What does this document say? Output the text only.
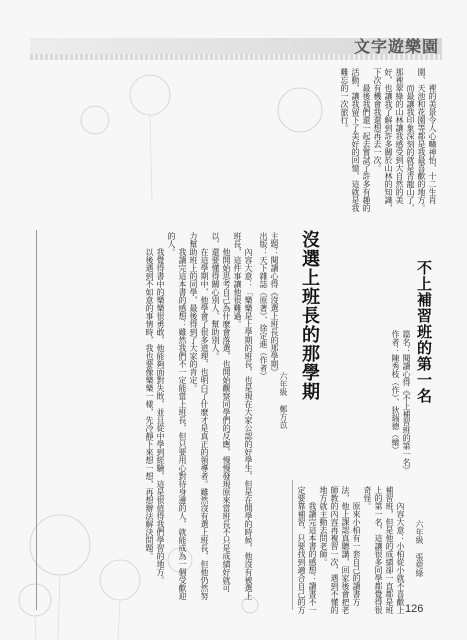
文字遊樂園

裡的美景令人心曠神怡，十二生肖園、天池和花園等都是我最喜歡的地方。

而最讓我印象深刻的就是青龍山了，那裡翠綠的山林讓我感受到大自然的美好，也讓我了解到許多關於山林的知識，下次有機會我還想再去一次。

最後我們還一起去嘗試了許多有趣的活動，讓我留下了美好的回憶，這就是我難忘的一次旅行。

沒選上班長的那學期
六年級 鄭方苡
主題：閱讀心得《沒選上班長的那學期》
出版：天下雜誌（原著）、徐定進（作者）

內容大意：「樂樂是上學期的班長，也是現在大家公認的好學生，但是在開學的時候，他沒有被選上班長，這件事讓他很難過。

他開始思考自己為什麼會落選，也開始觀察同學們的反應，慢慢發現原來當班長不只是成績好就可以，還要懂得關心別人、幫助別人。

在這學期中，他學會了很多道理，也明白了什麼才是真正的領導者。雖然沒有選上班長，但他仍然努力幫助班上的同學，最後得到了大家的肯定。

我讀完這本書的感想：雖然我們不一定能當上班長，但只要用心對待身邊的人，就能成為一個受歡迎的人。

我覺得書中的樂樂很勇敢，他能夠面對失敗，並且從中學到經驗，這是很值得我們學習的地方。

以後遇到不如意的事情時，我也要像樂樂一樣，先冷靜下來想一想，再想辦法解決問題。	不上補習班的第一名
六年級 張菀綠
篇名：閱讀心得《不上補習班的第一名》
作者：陳秀枝（作）、狄瑞德（繪）

內容大意：小柏從小就不喜歡上補習班，但是他的成績卻一直都是班上的第一名，這讓很多同學都覺得很奇怪。

原來小柏有一套自己的讀書方法，他上課認真聽講，回家後會把老師教的內容再複習一次，遇到不懂的地方就主動去問老師。

我讀完這本書的感想：讀書不一定要靠補習，只要找到適合自己的方	126
